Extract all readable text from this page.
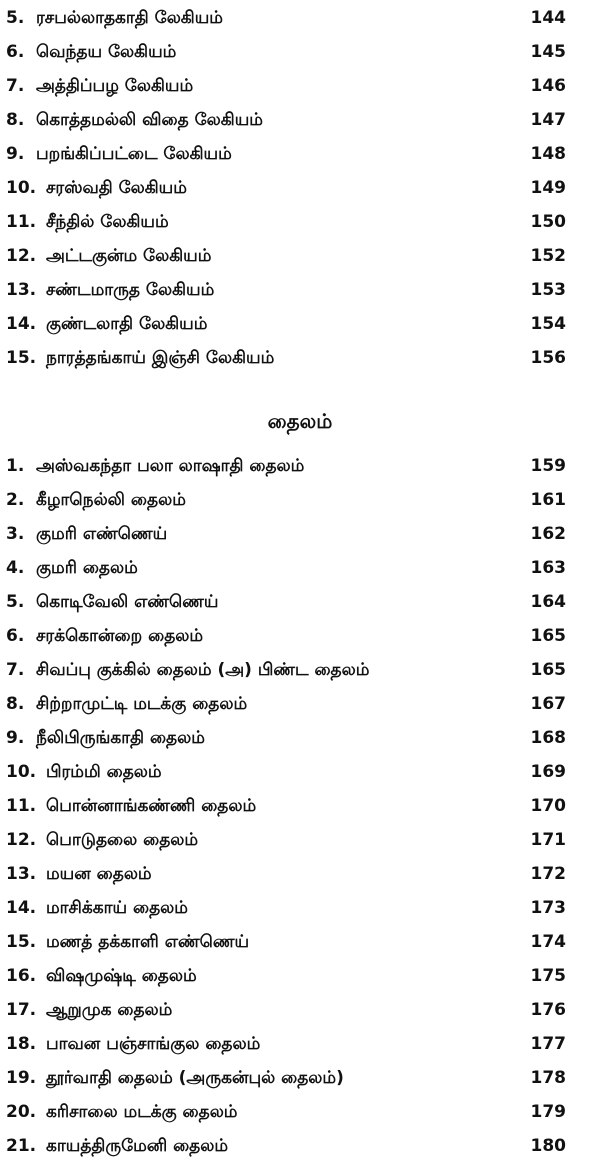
5. ரசபல்லாதகாதி லேகியம்	144
6. வெந்தய லேகியம்	145
7. அத்திப்பழ லேகியம்	146
8. கொத்தமல்லி விதை லேகியம்	147
9. பறங்கிப்பட்டை லேகியம்	148
10. சரஸ்வதி லேகியம்	149
11. சீந்தில் லேகியம்	150
12. அட்டகுன்ம லேகியம்	152
13. சண்டமாருத லேகியம்	153
14. குண்டலாதி லேகியம்	154
15. நாரத்தங்காய் இஞ்சி லேகியம்	156
தைலம்
1. அஸ்வகந்தா பலா லாஷாதி தைலம்	159
2. கீழாநெல்லி தைலம்	161
3. குமரி எண்ணெய்	162
4. குமரி தைலம்	163
5. கொடிவேலி எண்ணெய்	164
6. சரக்கொன்றை தைலம்	165
7. சிவப்பு குக்கில் தைலம் (அ) பிண்ட தைலம்	165
8. சிற்றாமுட்டி மடக்கு தைலம்	167
9. நீலிபிருங்காதி தைலம்	168
10. பிரம்மி தைலம்	169
11. பொன்னாங்கண்ணி தைலம்	170
12. பொடுதலை தைலம்	171
13. மயன தைலம்	172
14. மாசிக்காய் தைலம்	173
15. மணத் தக்காளி எண்ணெய்	174
16. விஷமுஷ்டி தைலம்	175
17. ஆறுமுக தைலம்	176
18. பாவன பஞ்சாங்குல தைலம்	177
19. தூர்வாதி தைலம் (அருகன்புல் தைலம்)	178
20. கரிசாலை மடக்கு தைலம்	179
21. காயத்திருமேனி தைலம்	180
